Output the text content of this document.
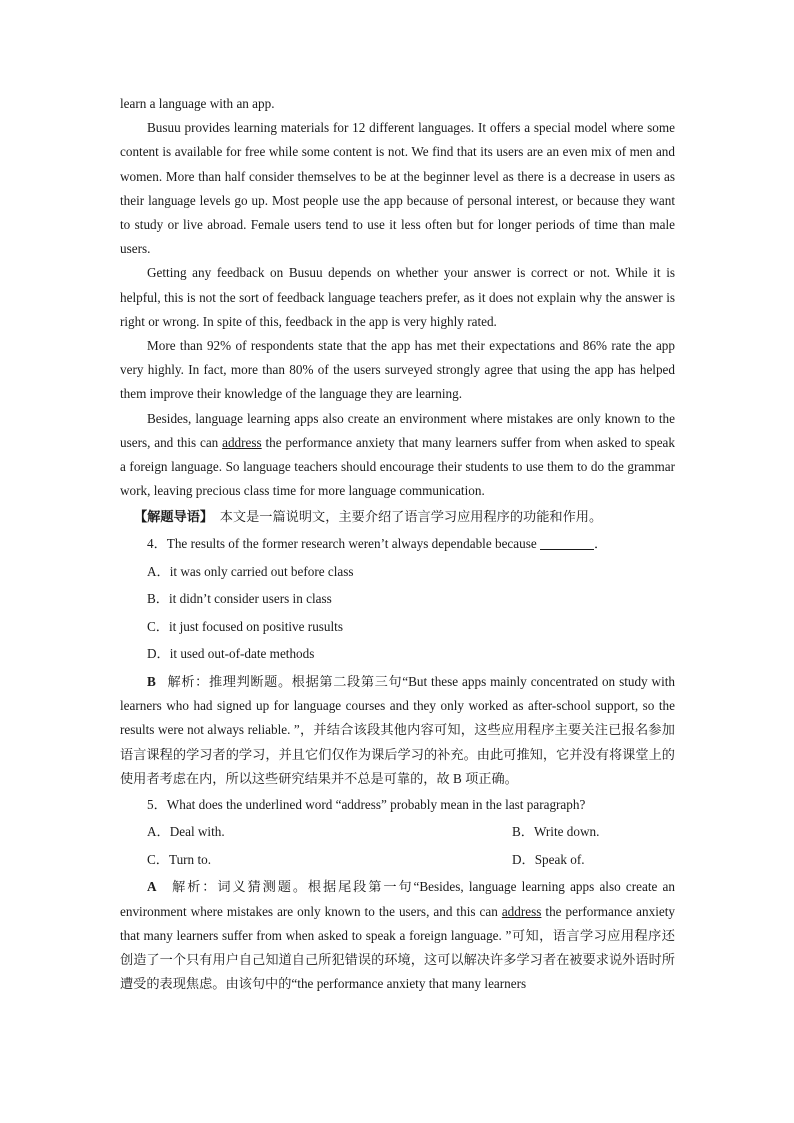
learn a language with an app.

Busuu provides learning materials for 12 different languages. It offers a special model where some content is available for free while some content is not. We find that its users are an even mix of men and women. More than half consider themselves to be at the beginner level as there is a decrease in users as their language levels go up. Most people use the app because of personal interest, or because they want to study or live abroad. Female users tend to use it less often but for longer periods of time than male users.

Getting any feedback on Busuu depends on whether your answer is correct or not. While it is helpful, this is not the sort of feedback language teachers prefer, as it does not explain why the answer is right or wrong. In spite of this, feedback in the app is very highly rated.

More than 92% of respondents state that the app has met their expectations and 86% rate the app very highly. In fact, more than 80% of the users surveyed strongly agree that using the app has helped them improve their knowledge of the language they are learning.

Besides, language learning apps also create an environment where mistakes are only known to the users, and this can address the performance anxiety that many learners suffer from when asked to speak a foreign language. So language teachers should encourage their students to use them to do the grammar work, leaving precious class time for more language communication.

【解题导语】 本文是一篇说明文，主要介绍了语言学习应用程序的功能和作用。
4．The results of the former research weren’t always dependable because	．
A．it was only carried out before class
B．it didn’t consider users in class
C．it just focused on positive rusults
D．it used out-of-date methods

B 解析：推理判断题。根据第二段第三句“But these apps mainly concentrated on study with learners who had signed up for language courses and they only worked as after-school support, so the results were not always reliable. ”，并结合该段其他内容可知，这些应用程序主要关注已报名参加语言课程的学习者的学习，并且它们仅作为课后学习的补充。由此可推知，它并没有将课堂上的使用者考虑在内，所以这些研究结果并不总是可靠的，故 B 项正确。

5．What does the underlined word “address” probably mean in the last paragraph?
A．Deal with.	B．Write down.
C．Turn to.	D．Speak of.

A 解析：词义猜测题。根据尾段第一句“Besides, language learning apps also create an environment where mistakes are only known to the users, and this can address the performance anxiety that many learners suffer from when asked to speak a foreign language. ”可知，语言学习应用程序还创造了一个只有用户自己知道自己所犯错误的环境，这可以解决许多学习者在被要求说外语时所遭受的表现焦虑。由该句中的“the performance anxiety that many learners
